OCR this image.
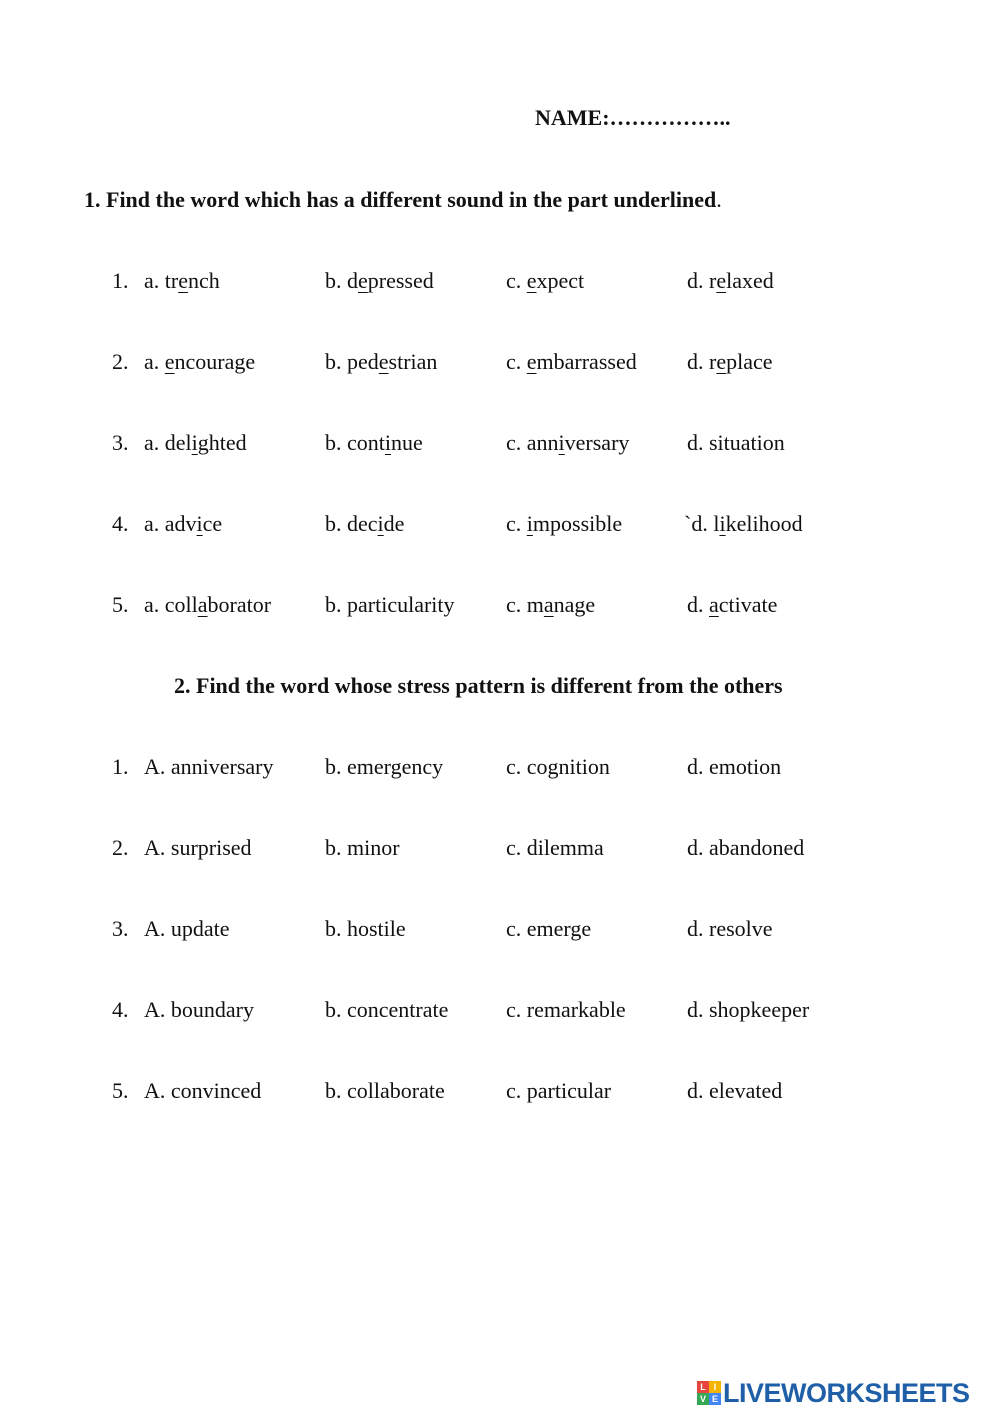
NAME:……………..
1. Find the word which has a different sound in the part underlined.
1. a. trench	b. depressed	c. expect	d. relaxed
2. a. encourage	b. pedestrian	c. embarrassed d. replace
3. a. delighted	b. continue	c. anniversary	d. situation
4. a. advice	b. decide	c. impossible	`d. likelihood
5. a. collaborator b. particularity c. manage	d. activate
2. Find the word whose stress pattern is different from the others
1. A. anniversary b. emergency	c. cognition	d. emotion
2. A. surprised	b. minor	c. dilemma	d. abandoned
3. A. update	b. hostile	c. emerge	d. resolve
4. A. boundary	b. concentrate	c. remarkable	d. shopkeeper
5. A. convinced	b. collaborate	c. particular	d. elevated
L I
V E LIVEWORKSHEETS
